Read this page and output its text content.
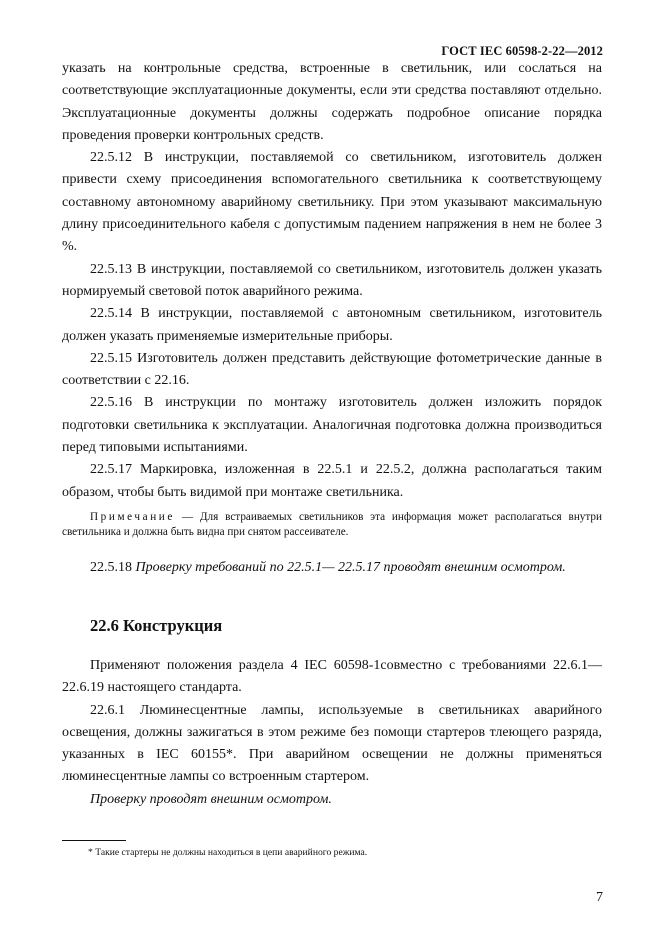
ГОСТ IEC 60598-2-22—2012

указать на контрольные средства, встроенные в светильник, или сослаться на соответствующие эксплуатационные документы, если эти средства поставляют отдельно. Эксплуатационные документы должны содержать подробное описание порядка проведения проверки контрольных средств.

22.5.12 В инструкции, поставляемой со светильником, изготовитель должен привести схему присоединения вспомогательного светильника к соответствующему составному автономному аварийному светильнику. При этом указывают максимальную длину присоединительного кабеля с допустимым падением напряжения в нем не более 3 %.

22.5.13 В инструкции, поставляемой со светильником, изготовитель должен указать нормируемый световой поток аварийного режима.

22.5.14 В инструкции, поставляемой с автономным светильником, изготовитель должен указать применяемые измерительные приборы.

22.5.15 Изготовитель должен представить действующие фотометрические данные в соответствии с 22.16.

22.5.16 В инструкции по монтажу изготовитель должен изложить порядок подготовки светильника к эксплуатации. Аналогичная подготовка должна производиться перед типовыми испытаниями.

22.5.17 Маркировка, изложенная в 22.5.1 и 22.5.2, должна располагаться таким образом, чтобы быть видимой при монтаже светильника.

Примечание — Для встраиваемых светильников эта информация может располагаться внутри светильника и должна быть видна при снятом рассеивателе.
22.5.18 Проверку требований по 22.5.1— 22.5.17 проводят внешним осмотром.
22.6 Конструкция

Применяют положения раздела 4 IEC 60598-1совместно с требованиями 22.6.1—22.6.19 настоящего стандарта.

22.6.1 Люминесцентные лампы, используемые в светильниках аварийного освещения, должны зажигаться в этом режиме без помощи стартеров тлеющего разряда, указанных в IEC 60155*. При аварийном освещении не должны применяться люминесцентные лампы со встроенным стартером.

Проверку проводят внешним осмотром.

* Такие стартеры не должны находиться в цепи аварийного режима.
7
